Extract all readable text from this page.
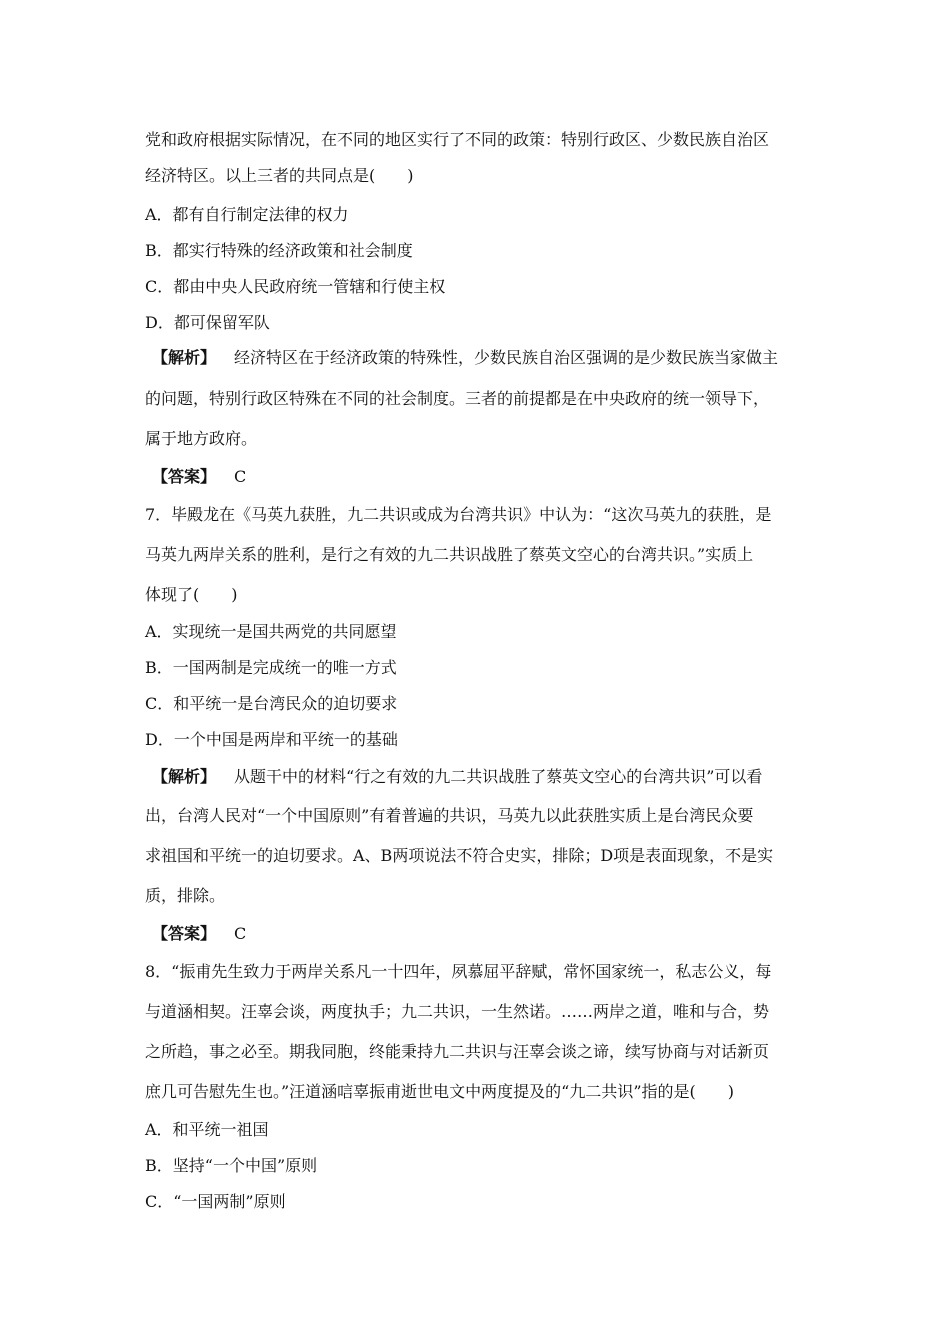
党和政府根据实际情况，在不同的地区实行了不同的政策：特别行政区、少数民族自治区
经济特区。以上三者的共同点是(　　)
A．都有自行制定法律的权力
B．都实行特殊的经济政策和社会制度
C．都由中央人民政府统一管辖和行使主权
D．都可保留军队
【解析】 经济特区在于经济政策的特殊性，少数民族自治区强调的是少数民族当家做主
的问题，特别行政区特殊在不同的社会制度。三者的前提都是在中央政府的统一领导下，
属于地方政府。
【答案】 C
7．毕殿龙在《马英九获胜，九二共识或成为台湾共识》中认为：“这次马英九的获胜，是
马英九两岸关系的胜利，是行之有效的九二共识战胜了蔡英文空心的台湾共识。”实质上
体现了(　　)
A．实现统一是国共两党的共同愿望
B．一国两制是完成统一的唯一方式
C．和平统一是台湾民众的迫切要求
D．一个中国是两岸和平统一的基础
【解析】 从题干中的材料“行之有效的九二共识战胜了蔡英文空心的台湾共识”可以看
出，台湾人民对“一个中国原则”有着普遍的共识，马英九以此获胜实质上是台湾民众要
求祖国和平统一的迫切要求。A、B两项说法不符合史实，排除；D项是表面现象，不是实
质，排除。
【答案】 C
8．“振甫先生致力于两岸关系凡一十四年，夙慕屈平辞赋，常怀国家统一，私志公义，每
与道涵相契。汪辜会谈，两度执手；九二共识，一生然诺。……两岸之道，唯和与合，势
之所趋，事之必至。期我同胞，终能秉持九二共识与汪辜会谈之谛，续写协商与对话新页
庶几可告慰先生也。”汪道涵唁辜振甫逝世电文中两度提及的“九二共识”指的是(　　)
A．和平统一祖国
B．坚持“一个中国”原则
C．“一国两制”原则
